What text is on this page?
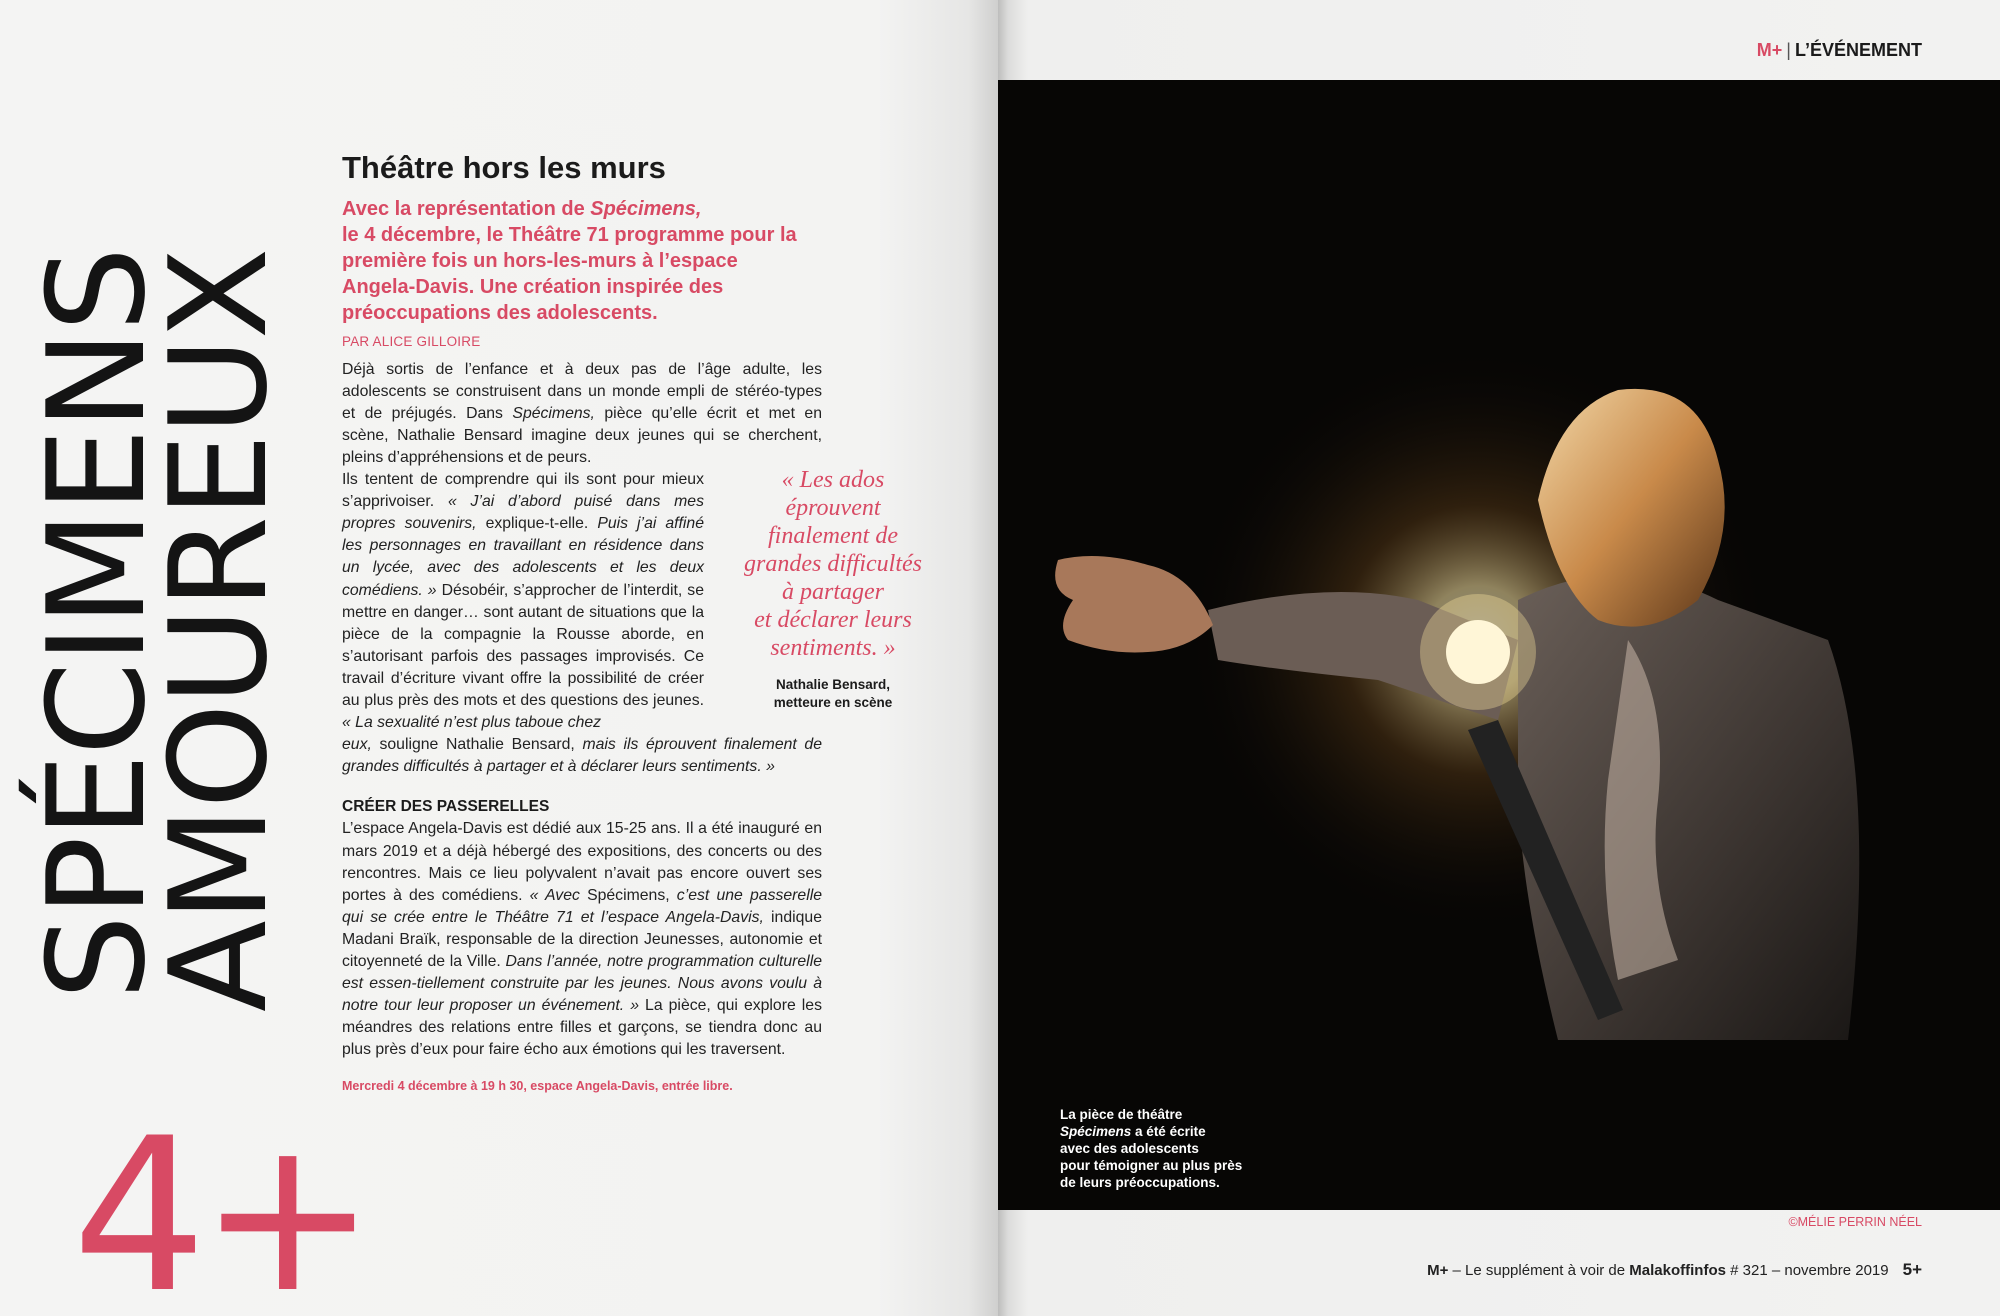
SPÉCIMENS
AMOUREUX
4+
Théâtre hors les murs

Avec la représentation de Spécimens,
le 4 décembre, le Théâtre 71 programme pour la première fois un hors-les-murs à l’espace Angela-Davis. Une création inspirée des préoccupations des adolescents.

PAR ALICE GILLOIRE

Déjà sortis de l’enfance et à deux pas de l’âge adulte, les adolescents se construisent dans un monde empli de stéréo-types et de préjugés. Dans Spécimens, pièce qu’elle écrit et met en scène, Nathalie Bensard imagine deux jeunes qui se cherchent, pleins d’appréhensions et de peurs.

Ils tentent de comprendre qui ils sont pour mieux s’apprivoiser. « J’ai d’abord puisé dans mes propres souvenirs, explique-t-elle. Puis j’ai affiné les personnages en travaillant en résidence dans un lycée, avec des adolescents et les deux comédiens. » Désobéir, s’approcher de l’interdit, se mettre en danger… sont autant de situations que la pièce de la compagnie la Rousse aborde, en s’autorisant parfois des passages improvisés. Ce travail d’écriture vivant offre la possibilité de créer au plus près des mots et des questions des jeunes. « La sexualité n’est plus taboue chez

eux, souligne Nathalie Bensard, mais ils éprouvent finalement de grandes difficultés à partager et à déclarer leurs sentiments. »

CRÉER DES PASSERELLES

L’espace Angela-Davis est dédié aux 15-25 ans. Il a été inauguré en mars 2019 et a déjà hébergé des expositions, des concerts ou des rencontres. Mais ce lieu polyvalent n’avait pas encore ouvert ses portes à des comédiens. « Avec Spécimens, c’est une passerelle qui se crée entre le Théâtre 71 et l’espace Angela-Davis, indique Madani Braïk, responsable de la direction Jeunesses, autonomie et citoyenneté de la Ville. Dans l’année, notre programmation culturelle est essen-tiellement construite par les jeunes. Nous avons voulu à notre tour leur proposer un événement. » La pièce, qui explore les méandres des relations entre filles et garçons, se tiendra donc au plus près d’eux pour faire écho aux émotions qui les traversent.

Mercredi 4 décembre à 19 h 30, espace Angela-Davis, entrée libre.

« Les ados
éprouvent
finalement de
grandes difficultés
à partager
et déclarer leurs
sentiments. »

Nathalie Bensard,
metteure en scène
M+ | L’ÉVÉNEMENT
La pièce de théâtre
Spécimens a été écrite
avec des adolescents
pour témoigner au plus près
de leurs préoccupations.
©MÉLIE PERRIN NÉEL
M+ – Le supplément à voir de Malakoffinfos # 321 – novembre 2019 5+
